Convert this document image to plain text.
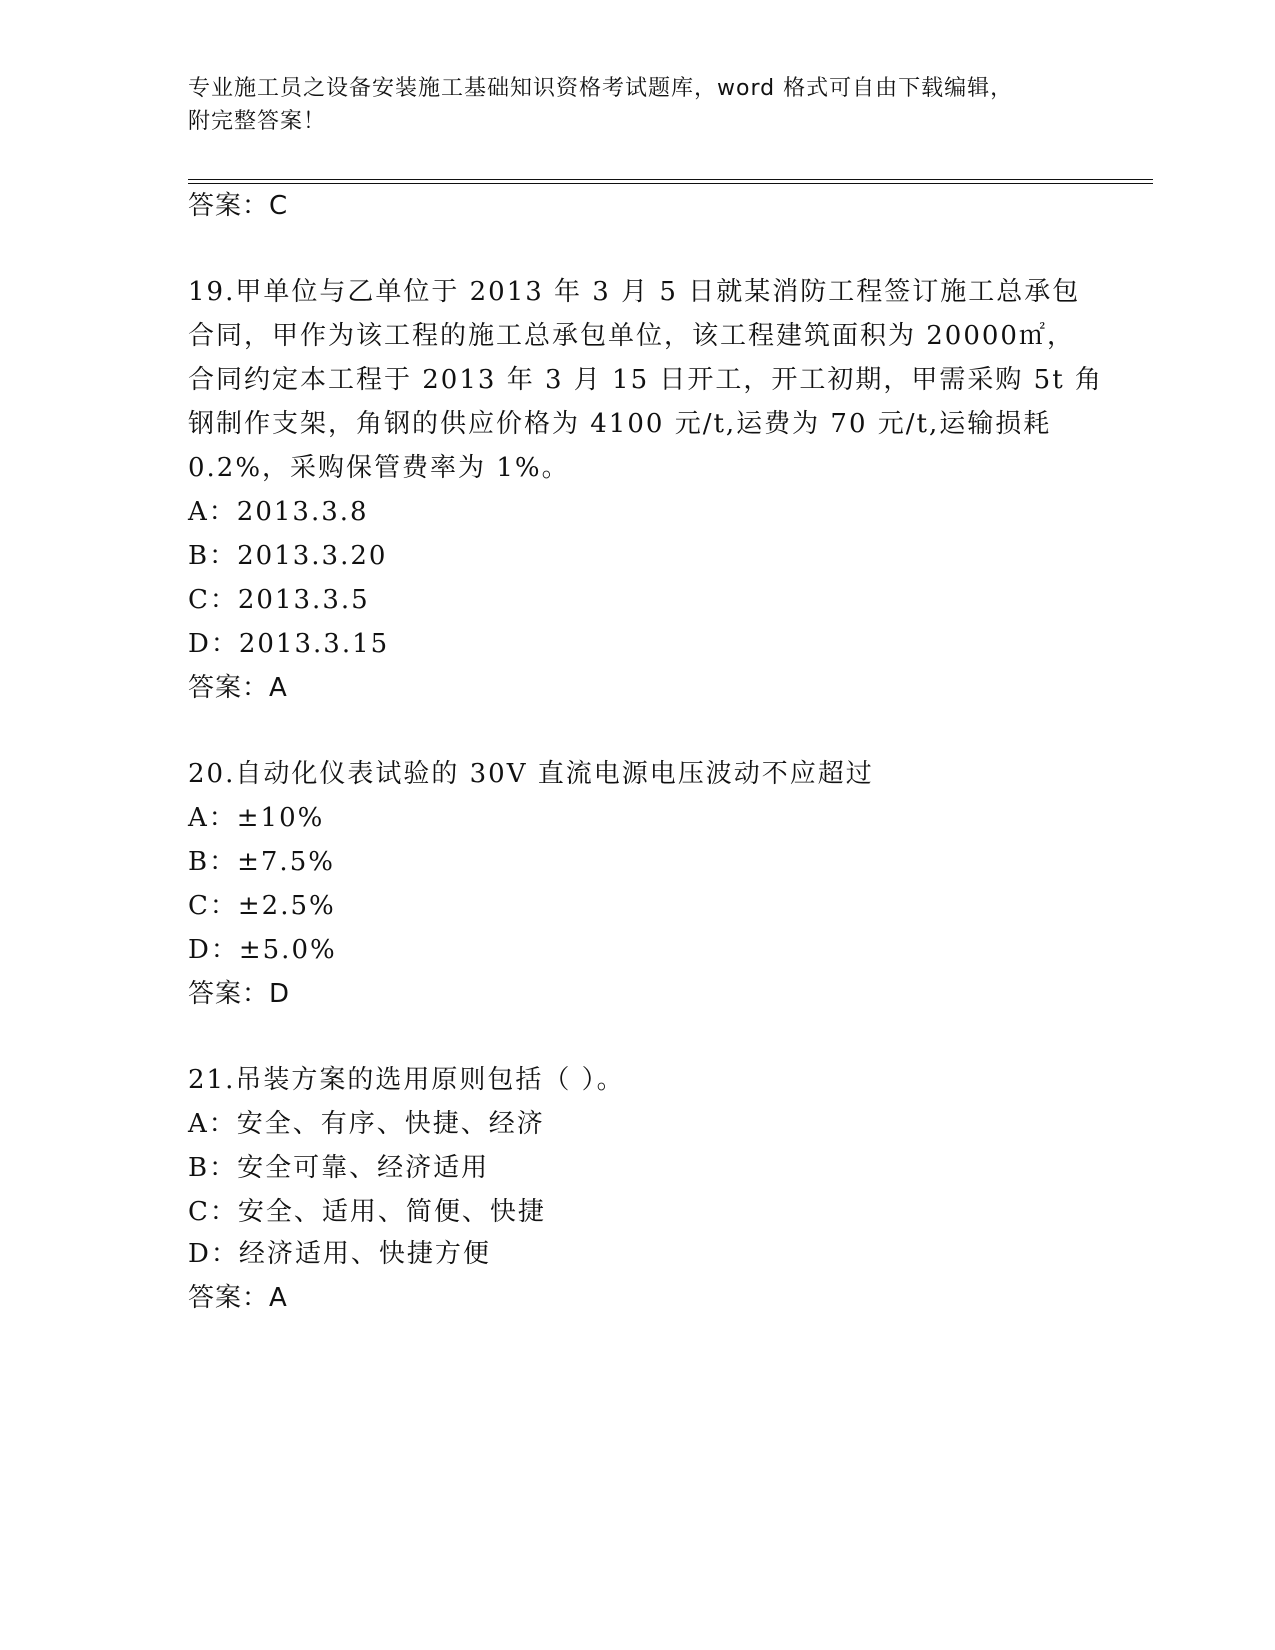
专业施工员之设备安装施工基础知识资格考试题库，word 格式可自由下载编辑，
附完整答案！
答案：C
19.甲单位与乙单位于 2013 年 3 月 5 日就某消防工程签订施工总承包
合同，甲作为该工程的施工总承包单位，该工程建筑面积为 20000㎡，
合同约定本工程于 2013 年 3 月 15 日开工，开工初期，甲需采购 5t 角
钢制作支架，角钢的供应价格为 4100 元/t,运费为 70 元/t,运输损耗
0.2%，采购保管费率为 1%。
A：2013.3.8
B：2013.3.20
C：2013.3.5
D：2013.3.15
答案：A
20.自动化仪表试验的 30V 直流电源电压波动不应超过
A：±10%
B：±7.5%
C：±2.5%
D：±5.0%
答案：D
21.吊装方案的选用原则包括（ ）。
A：安全、有序、快捷、经济
B：安全可靠、经济适用
C：安全、适用、简便、快捷
D：经济适用、快捷方便
答案：A
